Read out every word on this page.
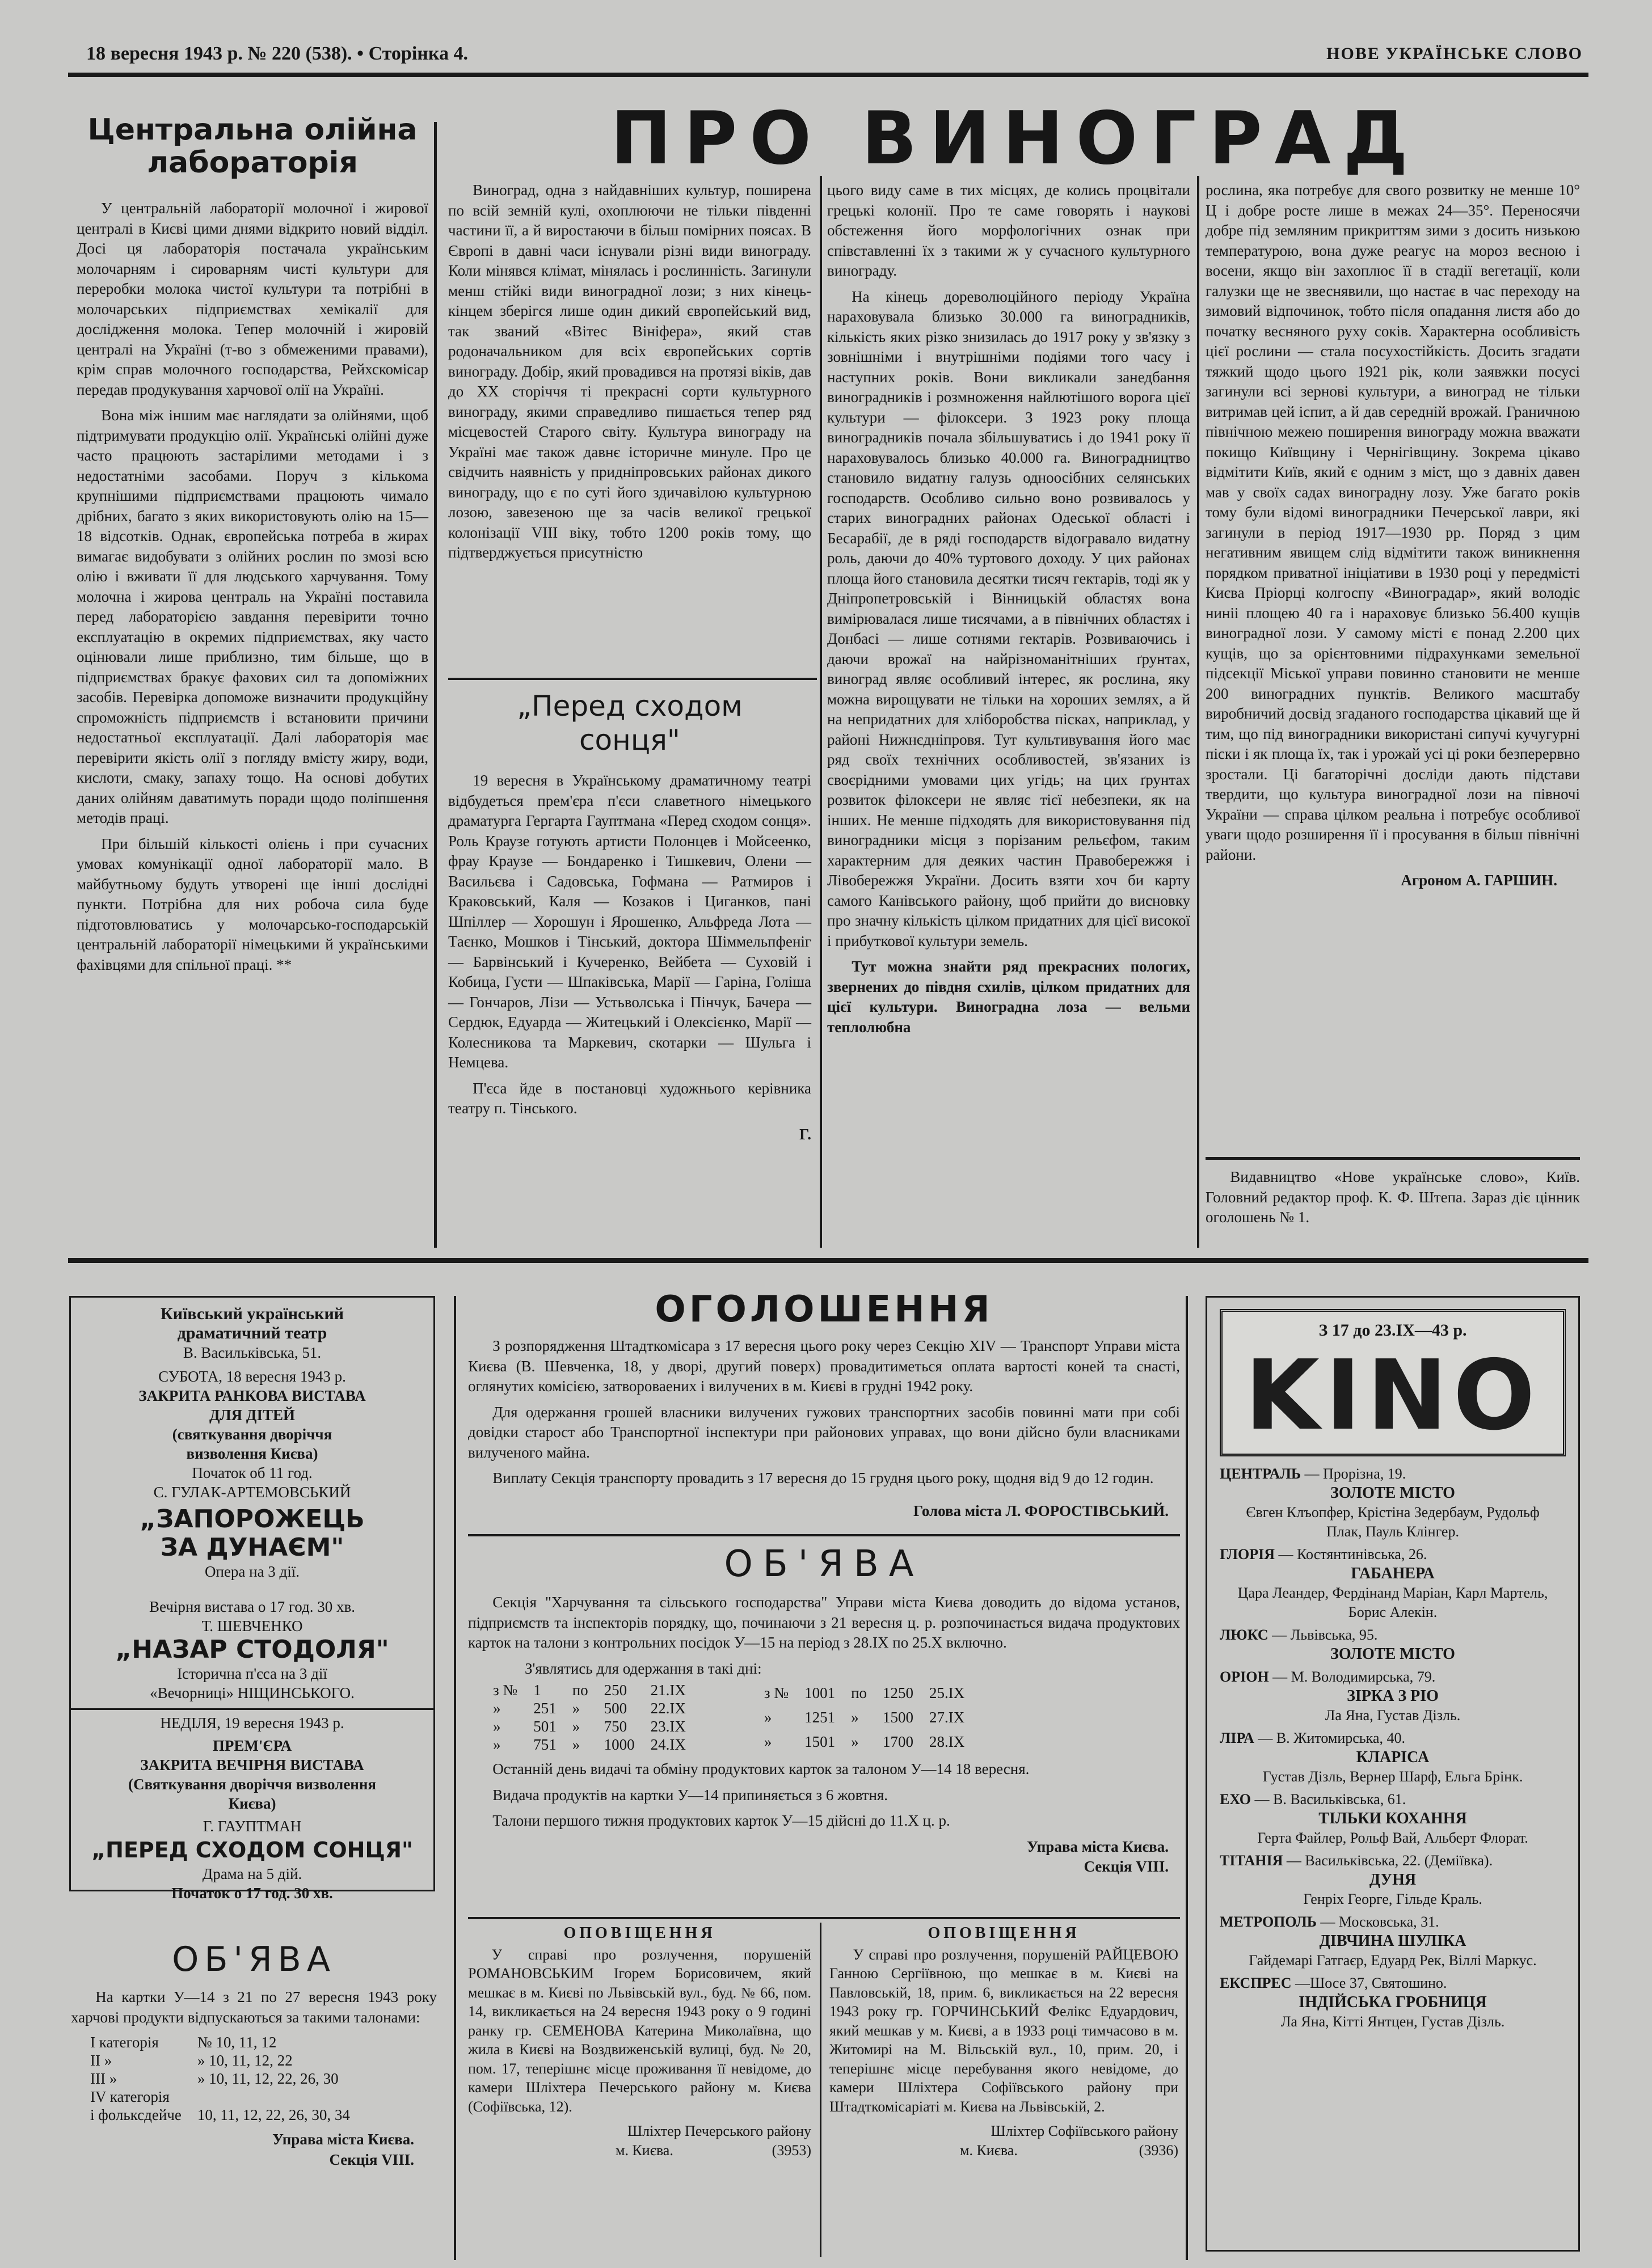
18 вересня 1943 р. № 220 (538). • Сторінка 4.	НОВЕ УКРАЇНСЬКЕ СЛОВО
Центральна олійна лабораторія

У центральній лабораторії молочної і жирової централі в Києві цими днями відкрито новий відділ. Досі ця лабораторія постачала українським молочарням і сироварням чисті культури для переробки молока чистої культури та потрібні в молочарських підприємствах хемікалії для дослідження молока. Тепер молочній і жировій централі на Україні (т-во з обмеженими правами), крім справ молочного господарства, Рейхскомісар передав продукування харчової олії на Україні.

Вона між іншим має наглядати за олійнями, щоб підтримувати продукцію олії. Українські олійні дуже часто працюють застарілими методами і з недостатніми засобами. Поруч з кількома крупнішими підприємствами працюють чимало дрібних, багато з яких використовують олію на 15—18 відсотків. Однак, європейська потреба в жирах вимагає видобувати з олійних рослин по змозі всю олію і вживати її для людського харчування. Тому молочна і жирова централь на Україні поставила перед лабораторією завдання перевірити точно експлуатацію в окремих підприємствах, яку часто оцінювали лише приблизно, тим більше, що в підприємствах бракує фахових сил та допоміжних засобів. Перевірка допоможе визначити продукційну спроможність підприємств і встановити причини недостатньої експлуатації. Далі лабораторія має перевірити якість олії з погляду вмісту жиру, води, кислоти, смаку, запаху тощо. На основі добутих даних олійням даватимуть поради щодо поліпшення методів праці.

При більшій кількості олієнь і при сучасних умовах комунікації одної лабораторії мало. В майбутньому будуть утворені ще інші дослідні пункти. Потрібна для них робоча сила буде підготовлюватись у молочарсько-господарській центральній лабораторії німецькими й українськими фахівцями для спільної праці. **

ПРО ВИНОГРАД

Виноград, одна з найдавніших культур, поширена по всій земній кулі, охоплюючи не тільки південні частини її, а й виростаючи в більш помірних поясах. В Європі в давні часи існували різні види винограду. Коли мінявся клімат, мінялась і рослинність. Загинули менш стійкі види виноградної лози; з них кінець-кінцем зберігся лише один дикий європейський вид, так званий «Вітес Вініфера», який став родоначальником для всіх європейських сортів винограду. Добір, який провадився на протязі віків, дав до XX сторіччя ті прекрасні сорти культурного винограду, якими справедливо пишається тепер ряд місцевостей Старого світу. Культура винограду на Україні має також давнє історичне минуле. Про це свідчить наявність у придніпровських районах дикого винограду, що є по суті його здичавілою культурною лозою, завезеною ще за часів великої грецької колонізації VIII віку, тобто 1200 років тому, що підтверджується присутністю

„Перед сходом
сонця"

19 вересня в Українському драматичному театрі відбудеться прем'єра п'єси славетного німецького драматурга Гергарта Гауптмана «Перед сходом сонця». Роль Краузе готують артисти Полонцев і Мойсеенко, фрау Краузе — Бондаренко і Тишкевич, Олени — Васильєва і Садовська, Гофмана — Ратмиров і Краковський, Каля — Козаков і Циганков, пані Шпіллер — Хорошун і Ярошенко, Альфреда Лота — Таєнко, Мошков і Тінський, доктора Шіммельпфеніг — Барвінський і Кучеренко, Вейбета — Суховій і Кобица, Густи — Шпаківська, Марії — Гаріна, Голіша — Гончаров, Лізи — Устьволська і Пінчук, Бачера — Сердюк, Едуарда — Житецький і Олексієнко, Марії — Колесникова та Маркевич, скотарки — Шульга і Немцева.

П'єса йде в постановці художнього керівника театру п. Тінського.

Г.

цього виду саме в тих місцях, де колись процвітали грецькі колонії. Про те саме говорять і наукові обстеження його морфологічних ознак при співставленні їх з такими ж у сучасного культурного винограду.

На кінець дореволюційного періоду Україна нараховувала близько 30.000 га виноградників, кількість яких різко знизилась до 1917 року у зв'язку з зовнішніми і внутрішніми подіями того часу і наступних років. Вони викликали занедбання виноградників і розмноження найлютішого ворога цієї культури — філоксери. З 1923 року площа виноградників почала збільшуватись і до 1941 року її нараховувалось близько 40.000 га. Виноградництво становило видатну галузь одноосібних селянських господарств. Особливо сильно воно розвивалось у старих виноградних районах Одеської області і Бесарабії, де в ряді господарств відогравало видатну роль, даючи до 40% туртового доходу. У цих районах площа його становила десятки тисяч гектарів, тоді як у Дніпропетровській і Вінницькій областях вона вимірювалася лише тисячами, а в північних областях і Донбасі — лише сотнями гектарів. Розвиваючись і даючи врожаї на найрізноманітніших ґрунтах, виноград являє особливий інтерес, як рослина, яку можна вирощувати не тільки на хороших землях, а й на непридатних для хліборобства пісках, наприклад, у районі Нижнєдніпровя. Тут культивування його має ряд своїх технічних особливостей, зв'язаних із своєрідними умовами цих угідь; на цих ґрунтах розвиток філоксери не являє тієї небезпеки, як на інших. Не менше підходять для використовування під виноградники місця з порізаним рельєфом, таким характерним для деяких частин Правобережжя і Лівобережжя України. Досить взяти хоч би карту самого Канівського району, щоб прийти до висновку про значну кількість цілком придатних для цієї високої і прибуткової культури земель.

Тут можна знайти ряд прекрасних пологих, звернених до півдня схилів, цілком придатних для цієї культури. Виноградна лоза — вельми теплолюбна

рослина, яка потребує для свого розвитку не менше 10° Ц і добре росте лише в межах 24—35°. Переносячи добре під земляним прикриттям зими з досить низькою температурою, вона дуже реагує на мороз весною і восени, якщо він захоплює її в стадії вегетації, коли галузки ще не звеснявили, що настає в час переходу на зимовий відпочинок, тобто після опадання листя або до початку весняного руху соків. Характерна особливість цієї рослини — стала посухостійкість. Досить згадати тяжкий щодо цього 1921 рік, коли заявжки посусі загинули всі зернові культури, а виноград не тільки витримав цей іспит, а й дав середній врожай. Граничною північною межею поширення винограду можна вважати покищо Київщину і Чернігівщину. Зокрема цікаво відмітити Київ, який є одним з міст, що з давніх давен мав у своїх садах виноградну лозу. Уже багато років тому були відомі виноградники Печерської лаври, які загинули в період 1917—1930 рр. Поряд з цим негативним явищем слід відмітити також виникнення порядком приватної ініціативи в 1930 році у передмісті Києва Пріорці колгоспу «Виноградар», який володіє ниніі площею 40 га і нараховує близько 56.400 кущів виноградної лози. У самому місті є понад 2.200 цих кущів, що за орієнтовними підрахунками земельної підсекції Міської управи повинно становити не менше 200 виноградних пунктів. Великого масштабу виробничий досвід згаданого господарства цікавий ще й тим, що під виноградники використані сипучі кучугурні піски і як площа їх, так і урожай усі ці роки безперервно зростали. Ці багаторічні досліди дають підстави твердити, що культура виноградної лози на півночі України — справа цілком реальна і потребує особливої уваги щодо розширення її і просування в більш північні райони.

Агроном А. ГАРШИН.

Видавництво «Нове українське слово», Київ. Головний редактор проф. К. Ф. Штепа. Зараз діє цінник оголошень № 1.

Київський український
драматичний театр
В. Васильківська, 51.
СУБОТА, 18 вересня 1943 р.
ЗАКРИТА РАНКОВА ВИСТАВА
ДЛЯ ДІТЕЙ
(святкування дворіччя
визволення Києва)
Початок об 11 год.
С. ГУЛАК-АРТЕМОВСЬКИЙ
„ЗАПОРОЖЕЦЬ
ЗА ДУНАЄМ"
Опера на 3 дії.
Вечірня вистава о 17 год. 30 хв.
Т. ШЕВЧЕНКО
„НАЗАР СТОДОЛЯ"
Історична п'єса на 3 дії
«Вечорниці» НІЩИНСЬКОГО.
НЕДІЛЯ, 19 вересня 1943 р.
ПРЕМ'ЄРА
ЗАКРИТА ВЕЧІРНЯ ВИСТАВА
(Святкування дворіччя визволення
Києва)
Г. ГАУПТМАН
„ПЕРЕД СХОДОМ СОНЦЯ"
Драма на 5 дій.
Початок о 17 год. 30 хв.
ОБ'ЯВА

На картки У—14 з 21 по 27 вересня 1943 року харчові продукти відпускаються за такими талонами:

І категорія	№ 10, 11, 12
ІІ »	» 10, 11, 12, 22
ІІІ »	» 10, 11, 12, 22, 26, 30
IV категорія	
і фольксдейчe	10, 11, 12, 22, 26, 30, 34
Управа міста Києва.
Секція VIII.
ОГОЛОШЕННЯ

З розпорядження Штадткомісара з 17 вересня цього року через Секцію XIV — Транспорт Управи міста Києва (В. Шевченка, 18, у дворі, другий поверх) провадитиметься оплата вартості коней та снасті, оглянутих комісією, затвороваених і вилучених в м. Києві в грудні 1942 року.

Для одержання грошей власники вилучених гужових транспортних засобів повинні мати при собі довідки старост або Транспортної інспектури при районових управах, що вони дійсно були власниками вилученого майна.

Виплату Секція транспорту провадить з 17 вересня до 15 грудня цього року, щодня від 9 до 12 годин.

Голова міста Л. ФОРОСТІВСЬКИЙ.
ОБ'ЯВА

Секція "Харчування та сільського господарства" Управи міста Києва доводить до відома установ, підприємств та інспекторів порядку, що, починаючи з 21 вересня ц. р. розпочинається видача продуктових карток на талони з контрольних посідок У—15 на період з 28.IX по 25.X включно.

З'являтись для одержання в такі дні:
з №	1	по	250	21.IX
»	251	»	500	22.IX
»	501	»	750	23.IX
»	751	»	1000	24.IX
з №	1001	по	1250	25.IX
»	1251	»	1500	27.IX
»	1501	»	1700	28.IX

Останній день видачі та обміну продуктових карток за талоном У—14 18 вересня.

Видача продуктів на картки У—14 припиняється з 6 жовтня.

Талони першого тижня продуктових карток У—15 дійсні до 11.X ц. р.

Управа міста Києва.
Секція VIII.
ОПОВІЩЕННЯ

У справі про розлучення, порушеній РОМАНОВСЬКИМ Ігорем Борисовичем, який мешкає в м. Києві по Львівській вул., буд. № 66, пом. 14, викликається на 24 вересня 1943 року о 9 годині ранку гр. СЕМЕНОВА Катерина Миколаївна, що жила в Києві на Воздвиженській вулиці, буд. № 20, пом. 17, теперішнє місце проживання її невідоме, до камери Шліхтера Печерського району м. Києва (Софіївська, 12).

Шліхтер Печерського району
м. Києва.	(3953)
ОПОВІЩЕННЯ

У справі про розлучення, порушеній РАЙЦЕВОЮ Ганною Сергіївною, що мешкає в м. Києві на Павловській, 18, прим. 6, викликається на 22 вересня 1943 року гр. ГОРЧИНСЬКИЙ Фелікс Едуардович, який мешкав у м. Києві, а в 1933 році тимчасово в м. Житомирі на М. Вільській вул., 10, прим. 20, і теперішнє місце перебування якого невідоме, до камери Шліхтера Софіївського району при Штадткомісаріаті м. Києва на Львівській, 2.

Шліхтер Софіївського району
м. Києва.	(3936)
З 17 до 23.IX—43 р.
KINO
ЦЕНТРАЛЬ — Прорізна, 19.
ЗОЛОТЕ МІСТО
Євген Клъопфер, Крістіна Зедербаум, Рудольф Плак, Пауль Клінгер.
ГЛОРІЯ — Костянтинівська, 26.
ГАБАНЕРА
Цара Леандер, Фердінанд Маріан, Карл Мартель, Борис Алекін.
ЛЮКС — Львівська, 95.
ЗОЛОТЕ МІСТО
ОРІОН — М. Володимирська, 79.
ЗІРКА З РІО
Ла Яна, Густав Дізль.
ЛІРА — В. Житомирська, 40.
КЛАРІСА
Густав Дізль, Вернер Шарф, Ельга Брінк.
ЕХО — В. Васильківська, 61.
ТІЛЬКИ КОХАННЯ
Герта Файлер, Рольф Вай, Альберт Флорат.
ТІТАНІЯ — Васильківська, 22. (Деміївка).
ДУНЯ
Генріх Георге, Гільде Краль.
МЕТРОПОЛЬ — Московська, 31.
ДІВЧИНА ШУЛІКА
Гайдемарі Гатгаєр, Едуард Рек, Віллі Маркус.
ЕКСПРЕС —Шосе 37, Святошино.
ІНДІЙСЬКА ГРОБНИЦЯ
Ла Яна, Кітті Янтцен, Густав Дізль.
